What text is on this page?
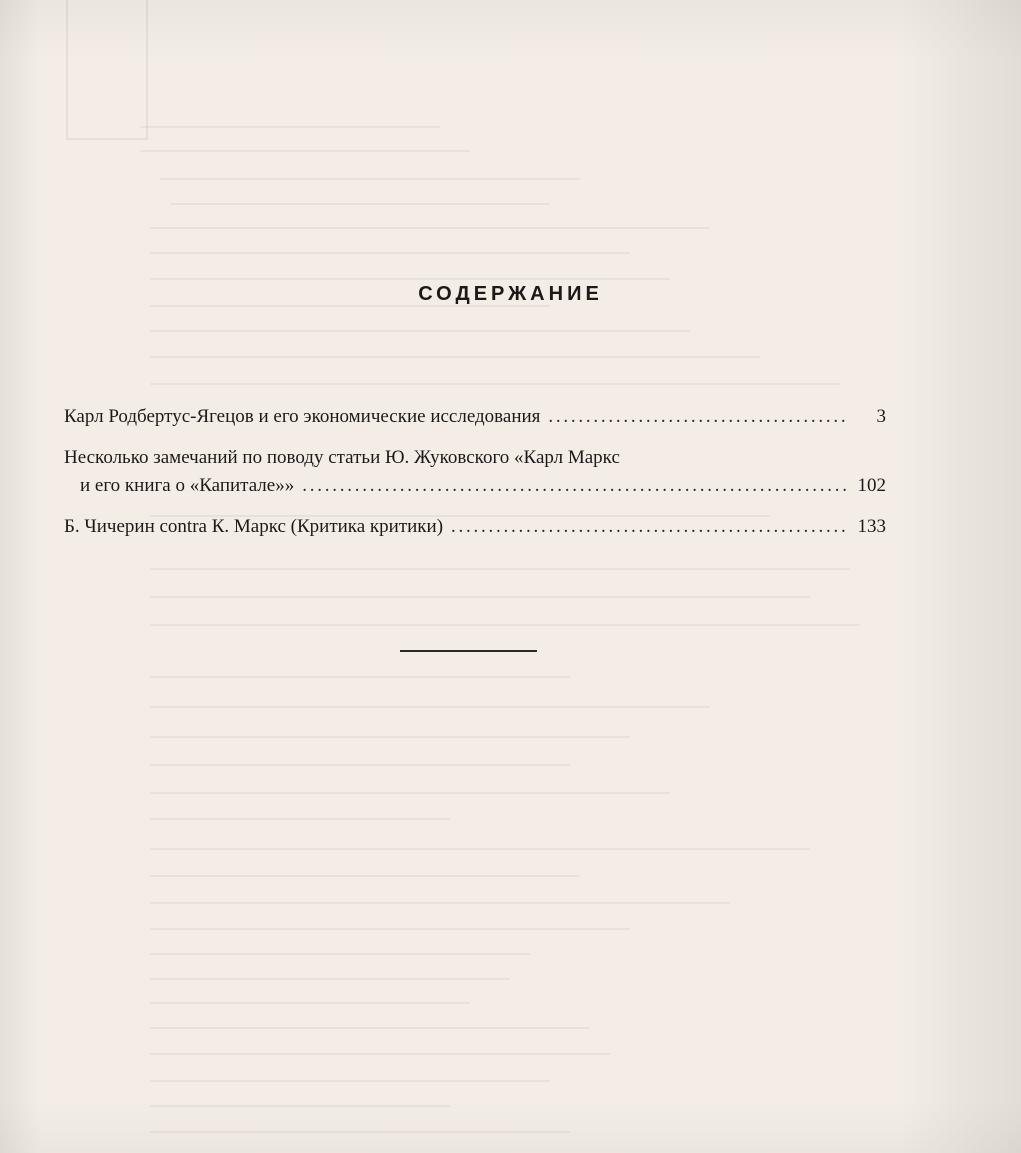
СОДЕРЖАНИЕ
Карл Родбертус-Ягецов и его экономические исследования . . .	3
Несколько замечаний по поводу статьи Ю. Жуковского «Карл Маркс
и его книга о «Капитале»» . . .	102
Б. Чичерин contra К. Маркс (Критика критики) . . .	133
